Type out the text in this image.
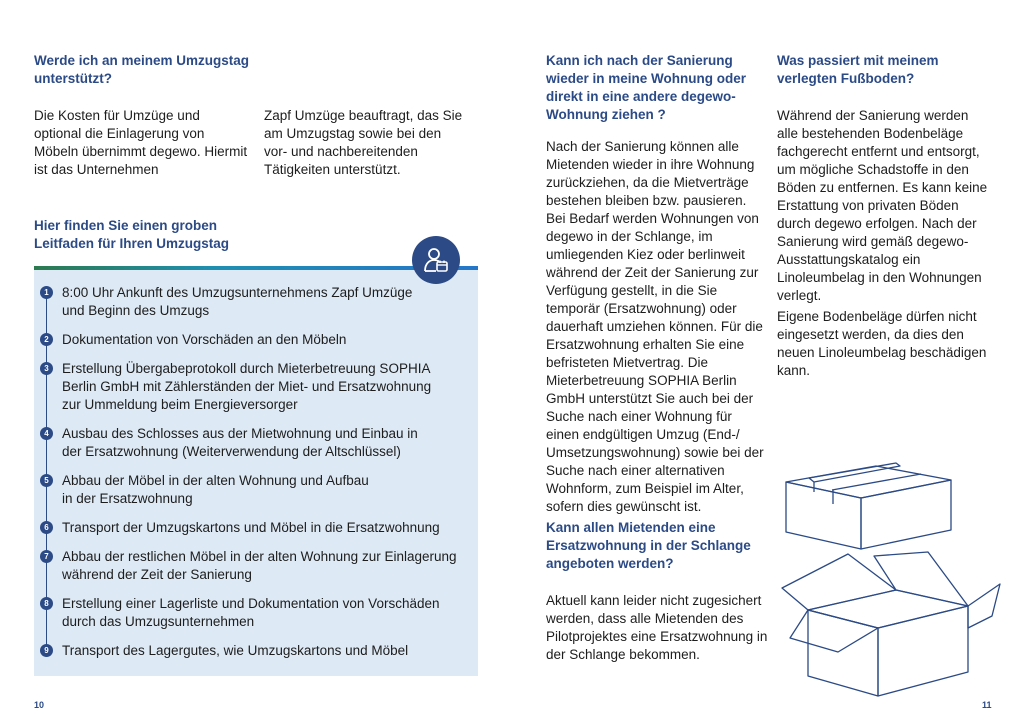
Werde ich an meinem Umzugstag unterstützt?

Die Kosten für Umzüge und optional die Einlagerung von Möbeln übernimmt degewo. Hiermit ist das Unternehmen

Zapf Umzüge beauftragt, das Sie am Umzugstag sowie bei den vor- und nachbereitenden Tätigkeiten unterstützt.

Hier finden Sie einen groben Leitfaden für Ihren Umzugstag
1 8:00 Uhr Ankunft des Umzugsunternehmens Zapf Umzüge und Beginn des Umzugs
2 Dokumentation von Vorschäden an den Möbeln
3 Erstellung Übergabeprotokoll durch Mieterbetreuung SOPHIA Berlin GmbH mit Zählerständen der Miet- und Ersatzwohnung zur Ummeldung beim Energieversorger
4 Ausbau des Schlosses aus der Mietwohnung und Einbau in der Ersatzwohnung (Weiterverwendung der Altschlüssel)
5 Abbau der Möbel in der alten Wohnung und Aufbau in der Ersatzwohnung
6 Transport der Umzugskartons und Möbel in die Ersatzwohnung
7 Abbau der restlichen Möbel in der alten Wohnung zur Einlagerung während der Zeit der Sanierung
8 Erstellung einer Lagerliste und Dokumentation von Vorschäden durch das Umzugsunternehmen
9 Transport des Lagergutes, wie Umzugskartons und Möbel
10
Kann ich nach der Sanierung wieder in meine Wohnung oder direkt in eine andere degewo-Wohnung ziehen ?

Nach der Sanierung können alle Mietenden wieder in ihre Wohnung zurückziehen, da die Mietverträge bestehen bleiben bzw. pausieren. Bei Bedarf werden Wohnungen von degewo in der Schlange, im umliegenden Kiez oder berlinweit während der Zeit der Sanierung zur Verfügung gestellt, in die Sie temporär (Ersatzwohnung) oder dauerhaft umziehen können. Für die Ersatzwohnung erhalten Sie eine befristeten Mietvertrag. Die Mieterbetreuung SOPHIA Berlin GmbH unterstützt Sie auch bei der Suche nach einer Wohnung für einen endgültigen Umzug (End-/ Umsetzungswohnung) sowie bei der Suche nach einer alternativen Wohnform, zum Beispiel im Alter, sofern dies gewünscht ist.

Kann allen Mietenden eine Ersatzwohnung in der Schlange angeboten werden?

Aktuell kann leider nicht zugesichert werden, dass alle Mietenden des Pilotprojektes eine Ersatzwohnung in der Schlange bekommen.

Was passiert mit meinem verlegten Fußboden?

Während der Sanierung werden alle bestehenden Bodenbeläge fachgerecht entfernt und entsorgt, um mögliche Schadstoffe in den Böden zu entfernen. Es kann keine Erstattung von privaten Böden durch degewo erfolgen. Nach der Sanierung wird gemäß degewo-Ausstattungskatalog ein Linoleumbelag in den Wohnungen verlegt.

Eigene Bodenbeläge dürfen nicht eingesetzt werden, da dies den neuen Linoleumbelag beschädigen kann.

11
